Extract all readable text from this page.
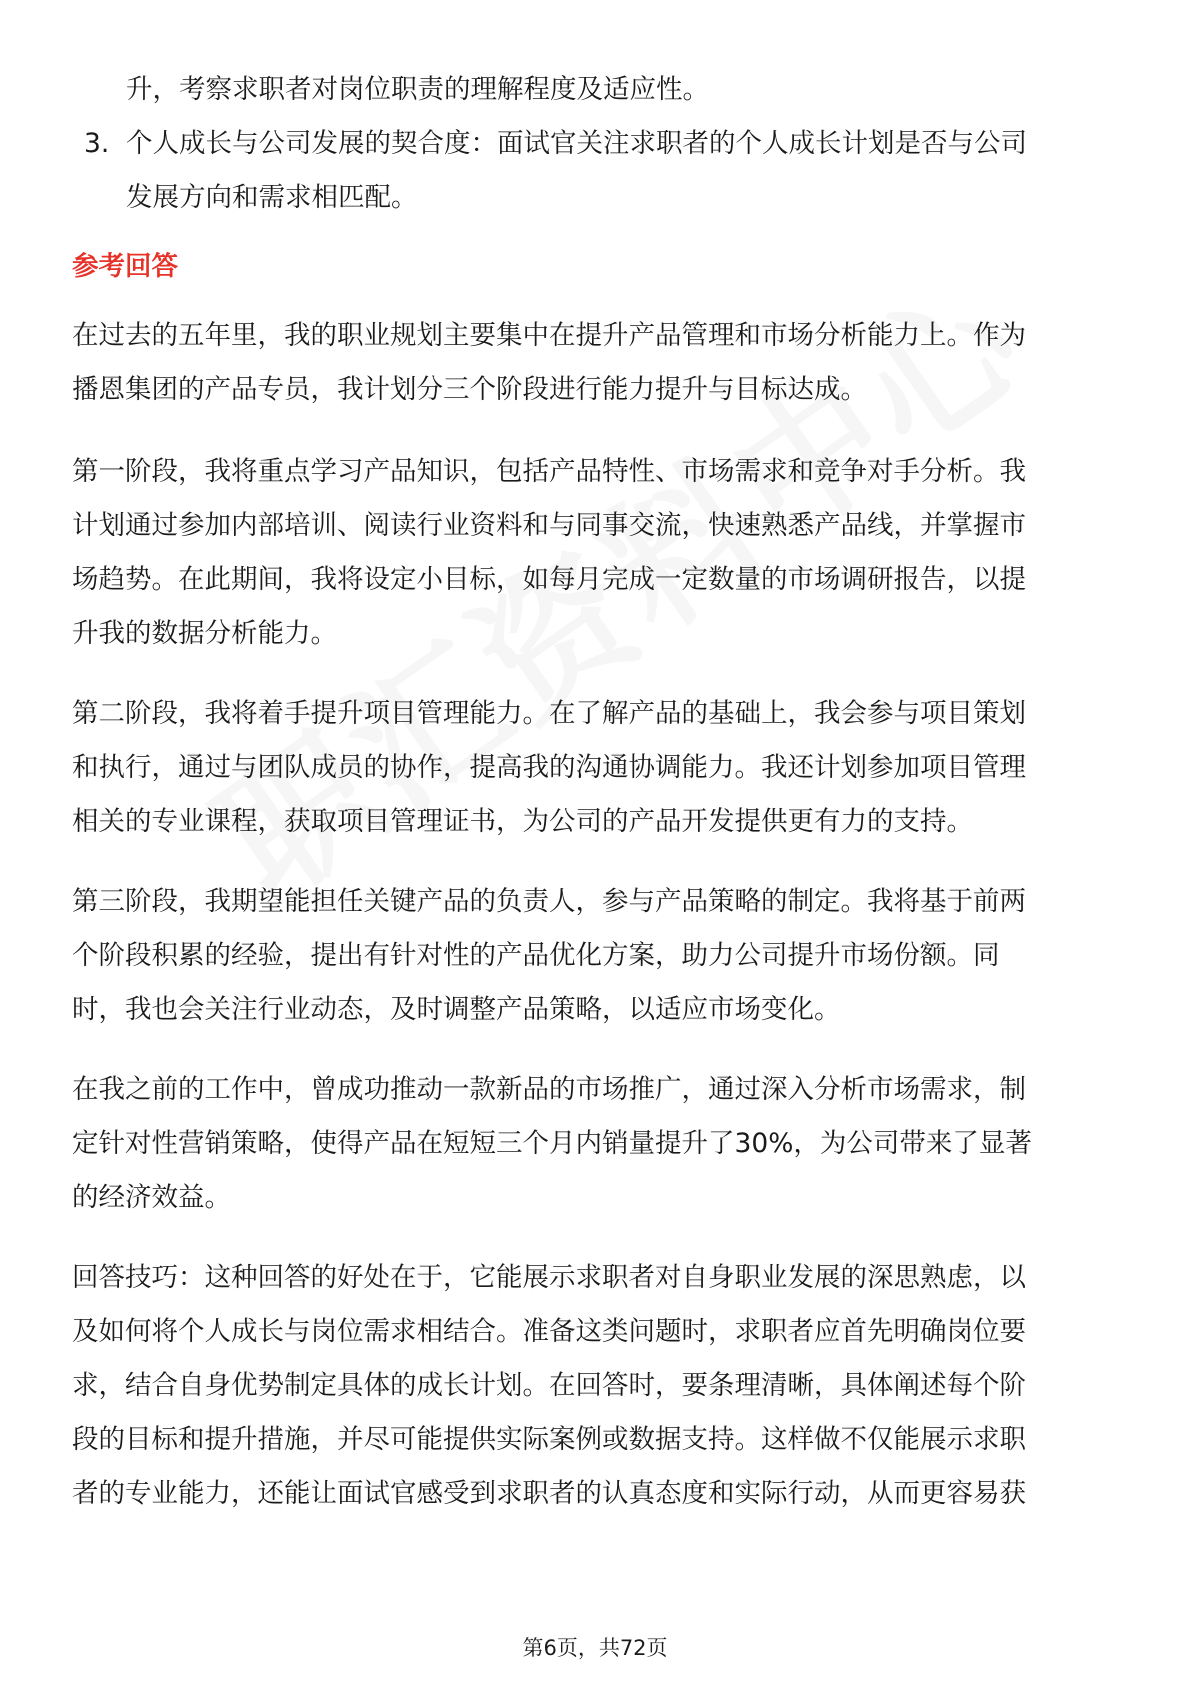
升，考察求职者对岗位职责的理解程度及适应性。
3. 个人成长与公司发展的契合度：面试官关注求职者的个人成长计划是否与公司
发展方向和需求相匹配。
参考回答
在过去的五年里，我的职业规划主要集中在提升产品管理和市场分析能力上。作为
播恩集团的产品专员，我计划分三个阶段进行能力提升与目标达成。
第一阶段，我将重点学习产品知识，包括产品特性、市场需求和竞争对手分析。我
计划通过参加内部培训、阅读行业资料和与同事交流，快速熟悉产品线，并掌握市
场趋势。在此期间，我将设定小目标，如每月完成一定数量的市场调研报告，以提
升我的数据分析能力。
第二阶段，我将着手提升项目管理能力。在了解产品的基础上，我会参与项目策划
和执行，通过与团队成员的协作，提高我的沟通协调能力。我还计划参加项目管理
相关的专业课程，获取项目管理证书，为公司的产品开发提供更有力的支持。
第三阶段，我期望能担任关键产品的负责人，参与产品策略的制定。我将基于前两
个阶段积累的经验，提出有针对性的产品优化方案，助力公司提升市场份额。同
时，我也会关注行业动态，及时调整产品策略，以适应市场变化。
在我之前的工作中，曾成功推动一款新品的市场推广，通过深入分析市场需求，制
定针对性营销策略，使得产品在短短三个月内销量提升了30%，为公司带来了显著
的经济效益。
回答技巧：这种回答的好处在于，它能展示求职者对自身职业发展的深思熟虑，以
及如何将个人成长与岗位需求相结合。准备这类问题时，求职者应首先明确岗位要
求，结合自身优势制定具体的成长计划。在回答时，要条理清晰，具体阐述每个阶
段的目标和提升措施，并尽可能提供实际案例或数据支持。这样做不仅能展示求职
者的专业能力，还能让面试官感受到求职者的认真态度和实际行动，从而更容易获
第6页，共72页
